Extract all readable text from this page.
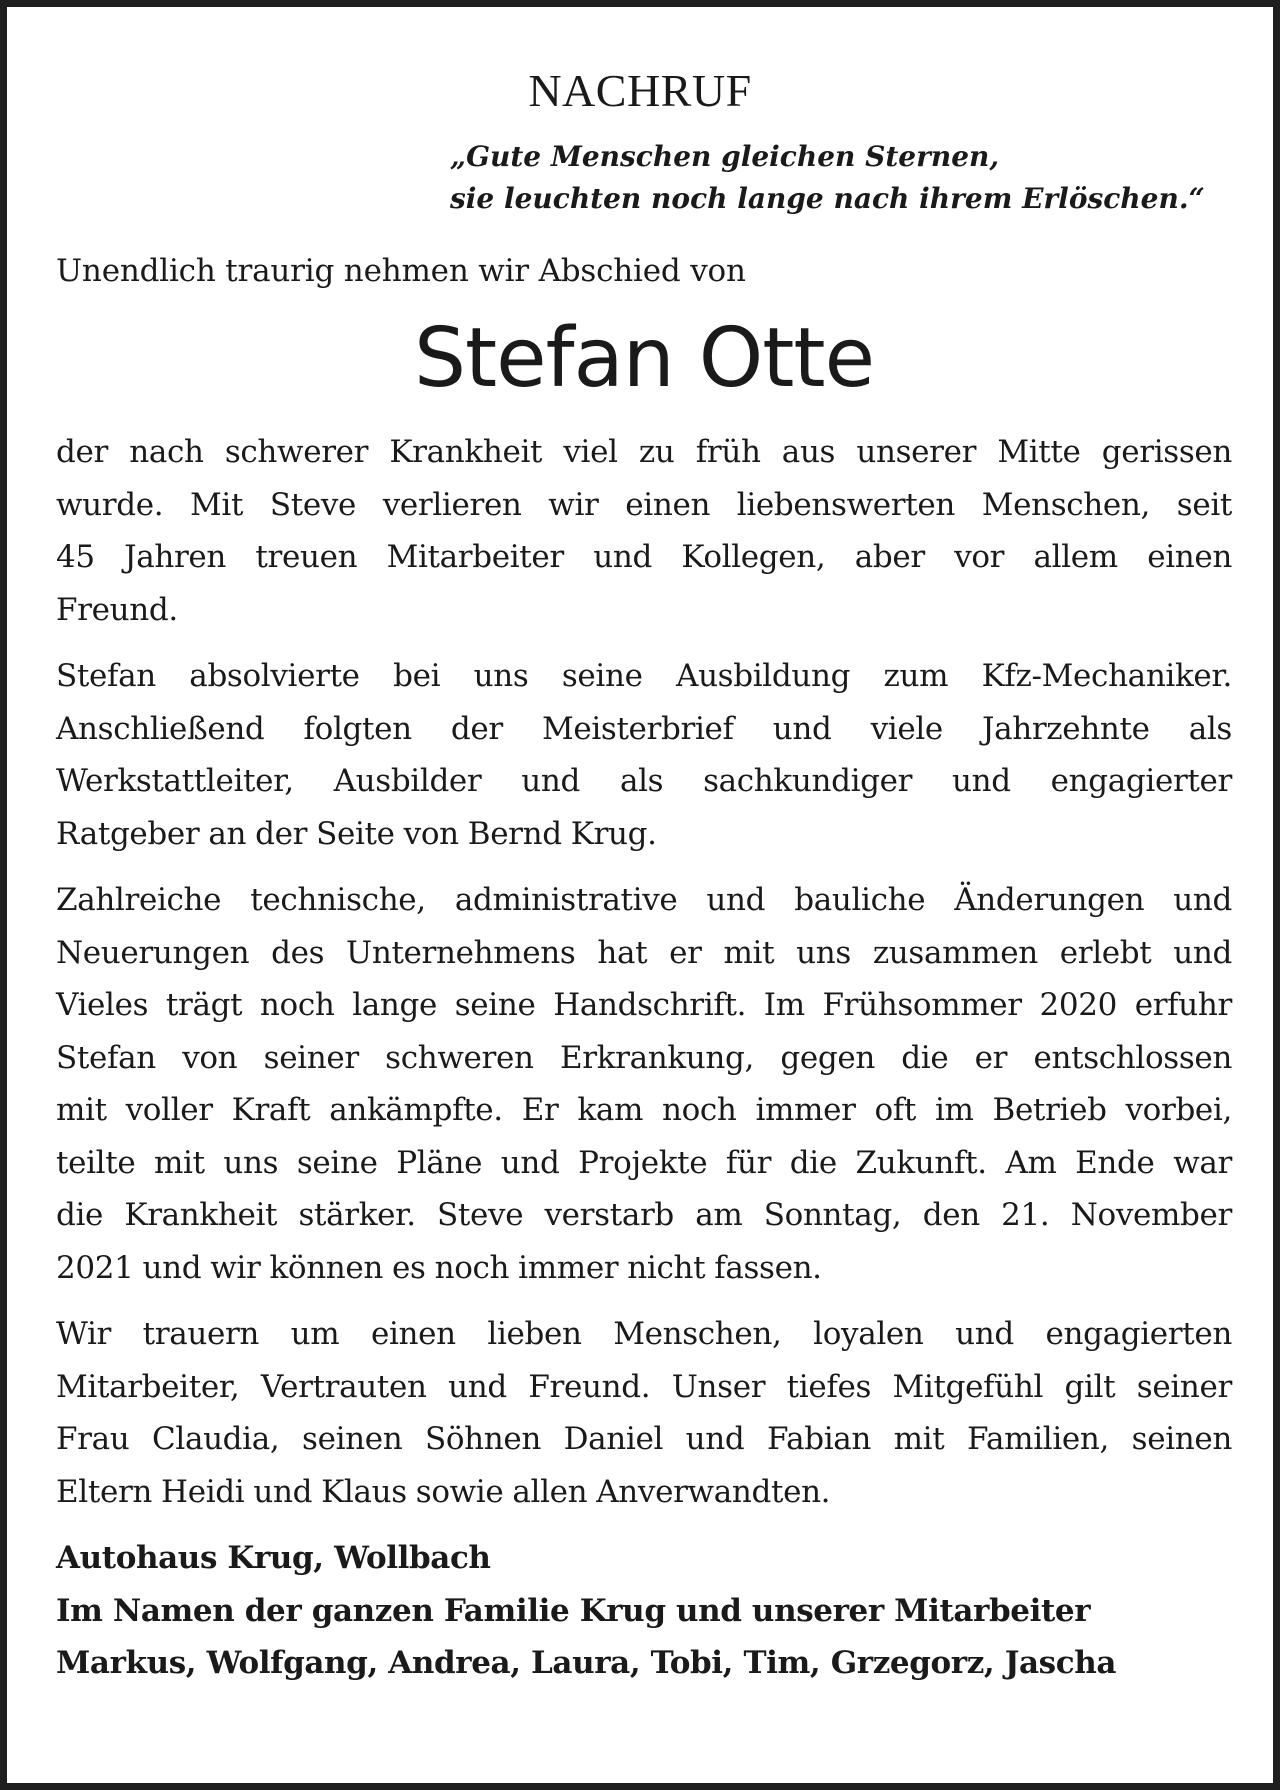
NACHRUF
„Gute Menschen gleichen Sternen,
sie leuchten noch lange nach ihrem Erlöschen.“
Unendlich traurig nehmen wir Abschied von
Stefan Otte
der nach schwerer Krankheit viel zu früh aus unserer Mitte gerissen
wurde. Mit Steve verlieren wir einen liebenswerten Menschen, seit
45 Jahren treuen Mitarbeiter und Kollegen, aber vor allem einen
Freund.
Stefan absolvierte bei uns seine Ausbildung zum Kfz-Mechaniker.
Anschließend folgten der Meisterbrief und viele Jahrzehnte als
Werkstattleiter, Ausbilder und als sachkundiger und engagierter
Ratgeber an der Seite von Bernd Krug.
Zahlreiche technische, administrative und bauliche Änderungen und
Neuerungen des Unternehmens hat er mit uns zusammen erlebt und
Vieles trägt noch lange seine Handschrift. Im Frühsommer 2020 erfuhr
Stefan von seiner schweren Erkrankung, gegen die er entschlossen
mit voller Kraft ankämpfte. Er kam noch immer oft im Betrieb vorbei,
teilte mit uns seine Pläne und Projekte für die Zukunft. Am Ende war
die Krankheit stärker. Steve verstarb am Sonntag, den 21. November
2021 und wir können es noch immer nicht fassen.
Wir trauern um einen lieben Menschen, loyalen und engagierten
Mitarbeiter, Vertrauten und Freund. Unser tiefes Mitgefühl gilt seiner
Frau Claudia, seinen Söhnen Daniel und Fabian mit Familien, seinen
Eltern Heidi und Klaus sowie allen Anverwandten.
Autohaus Krug, Wollbach
Im Namen der ganzen Familie Krug und unserer Mitarbeiter
Markus, Wolfgang, Andrea, Laura, Tobi, Tim, Grzegorz, Jascha
